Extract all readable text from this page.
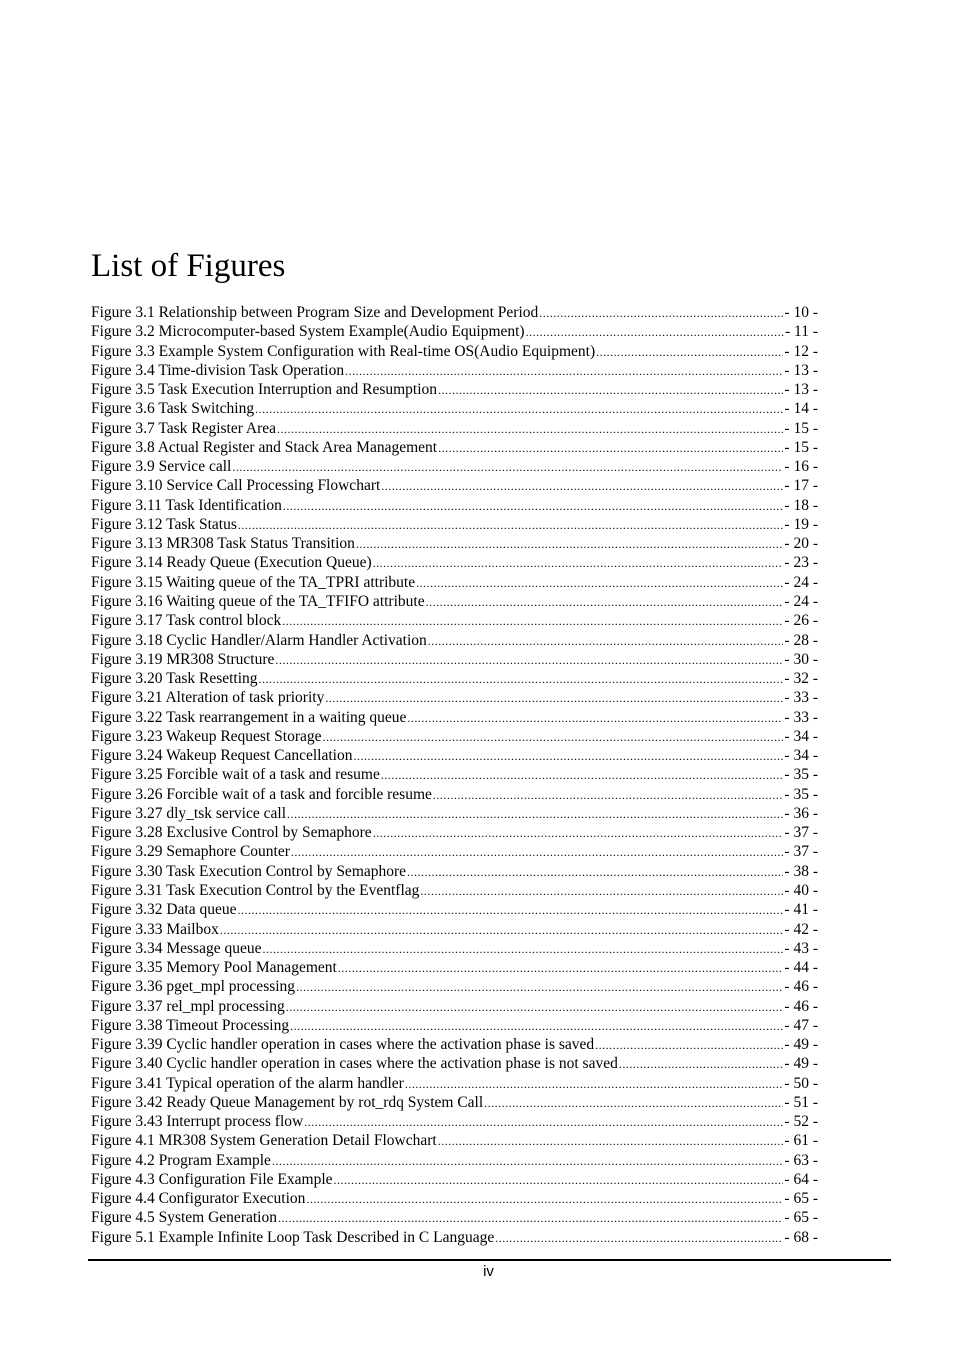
List of Figures
Figure 3.1 Relationship between Program Size and Development Period .....	- 10 -
Figure 3.2 Microcomputer-based System Example(Audio Equipment) .....	- 11 -
Figure 3.3 Example System Configuration with Real-time OS(Audio Equipment) .....	- 12 -
Figure 3.4 Time-division Task Operation .....	- 13 -
Figure 3.5 Task Execution Interruption and Resumption .....	- 13 -
Figure 3.6 Task Switching .....	- 14 -
Figure 3.7 Task Register Area .....	- 15 -
Figure 3.8 Actual Register and Stack Area Management .....	- 15 -
Figure 3.9 Service call .....	- 16 -
Figure 3.10 Service Call Processing Flowchart .....	- 17 -
Figure 3.11 Task Identification .....	- 18 -
Figure 3.12 Task Status .....	- 19 -
Figure 3.13 MR308 Task Status Transition .....	- 20 -
Figure 3.14 Ready Queue (Execution Queue) .....	- 23 -
Figure 3.15 Waiting queue of the TA_TPRI attribute .....	- 24 -
Figure 3.16 Waiting queue of the TA_TFIFO attribute .....	- 24 -
Figure 3.17 Task control block .....	- 26 -
Figure 3.18 Cyclic Handler/Alarm Handler Activation .....	- 28 -
Figure 3.19 MR308 Structure .....	- 30 -
Figure 3.20 Task Resetting .....	- 32 -
Figure 3.21 Alteration of task priority .....	- 33 -
Figure 3.22 Task rearrangement in a waiting queue .....	- 33 -
Figure 3.23 Wakeup Request Storage .....	- 34 -
Figure 3.24 Wakeup Request Cancellation .....	- 34 -
Figure 3.25 Forcible wait of a task and resume .....	- 35 -
Figure 3.26 Forcible wait of a task and forcible resume .....	- 35 -
Figure 3.27 dly_tsk service call .....	- 36 -
Figure 3.28 Exclusive Control by Semaphore .....	- 37 -
Figure 3.29 Semaphore Counter .....	- 37 -
Figure 3.30 Task Execution Control by Semaphore .....	- 38 -
Figure 3.31 Task Execution Control by the Eventflag .....	- 40 -
Figure 3.32 Data queue .....	- 41 -
Figure 3.33 Mailbox .....	- 42 -
Figure 3.34 Message queue .....	- 43 -
Figure 3.35 Memory Pool Management .....	- 44 -
Figure 3.36 pget_mpl processing .....	- 46 -
Figure 3.37 rel_mpl processing .....	- 46 -
Figure 3.38 Timeout Processing .....	- 47 -
Figure 3.39 Cyclic handler operation in cases where the activation phase is saved .....	- 49 -
Figure 3.40 Cyclic handler operation in cases where the activation phase is not saved .....	- 49 -
Figure 3.41 Typical operation of the alarm handler .....	- 50 -
Figure 3.42 Ready Queue Management by rot_rdq System Call .....	- 51 -
Figure 3.43 Interrupt process flow .....	- 52 -
Figure 4.1 MR308 System Generation Detail Flowchart .....	- 61 -
Figure 4.2 Program Example .....	- 63 -
Figure 4.3 Configuration File Example .....	- 64 -
Figure 4.4 Configurator Execution .....	- 65 -
Figure 4.5 System Generation .....	- 65 -
Figure 5.1 Example Infinite Loop Task Described in C Language .....	- 68 -
iv
